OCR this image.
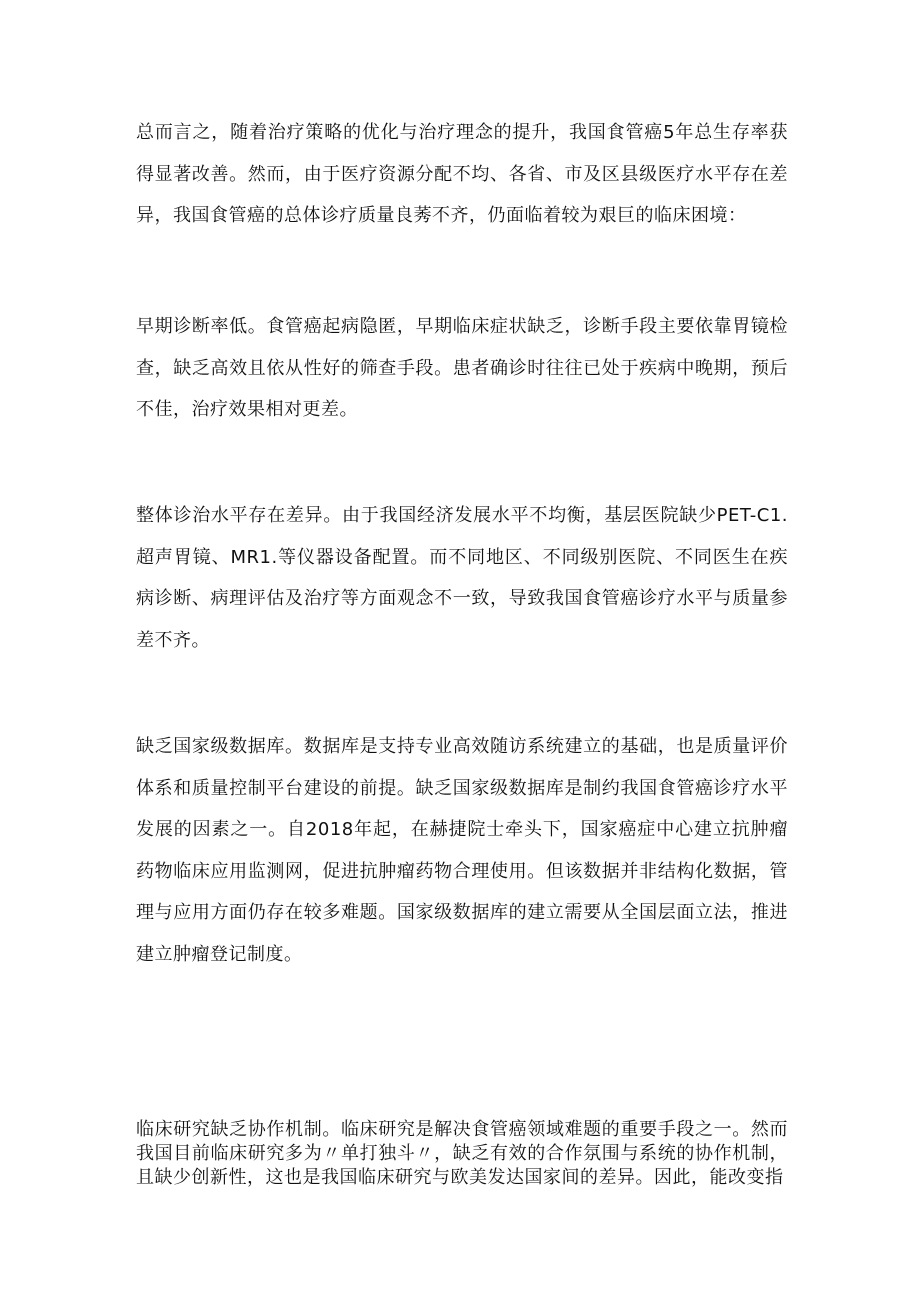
总而言之，随着治疗策略的优化与治疗理念的提升，我国食管癌5年总生存率获得显著改善。然而，由于医疗资源分配不均、各省、市及区县级医疗水平存在差异，我国食管癌的总体诊疗质量良莠不齐，仍面临着较为艰巨的临床困境：

早期诊断率低。食管癌起病隐匿，早期临床症状缺乏，诊断手段主要依靠胃镜检查，缺乏高效且依从性好的筛查手段。患者确诊时往往已处于疾病中晚期，预后不佳，治疗效果相对更差。

整体诊治水平存在差异。由于我国经济发展水平不均衡，基层医院缺少PET-C1.超声胃镜、MR1.等仪器设备配置。而不同地区、不同级别医院、不同医生在疾病诊断、病理评估及治疗等方面观念不一致，导致我国食管癌诊疗水平与质量参差不齐。

缺乏国家级数据库。数据库是支持专业高效随访系统建立的基础，也是质量评价体系和质量控制平台建设的前提。缺乏国家级数据库是制约我国食管癌诊疗水平发展的因素之一。自2018年起，在赫捷院士牵头下，国家癌症中心建立抗肿瘤药物临床应用监测网，促进抗肿瘤药物合理使用。但该数据并非结构化数据，管理与应用方面仍存在较多难题。国家级数据库的建立需要从全国层面立法，推进建立肿瘤登记制度。

临床研究缺乏协作机制。临床研究是解决食管癌领域难题的重要手段之一。然而我国目前临床研究多为〃单打独斗〃，缺乏有效的合作氛围与系统的协作机制，且缺少创新性，这也是我国临床研究与欧美发达国家间的差异。因此，能改变指
